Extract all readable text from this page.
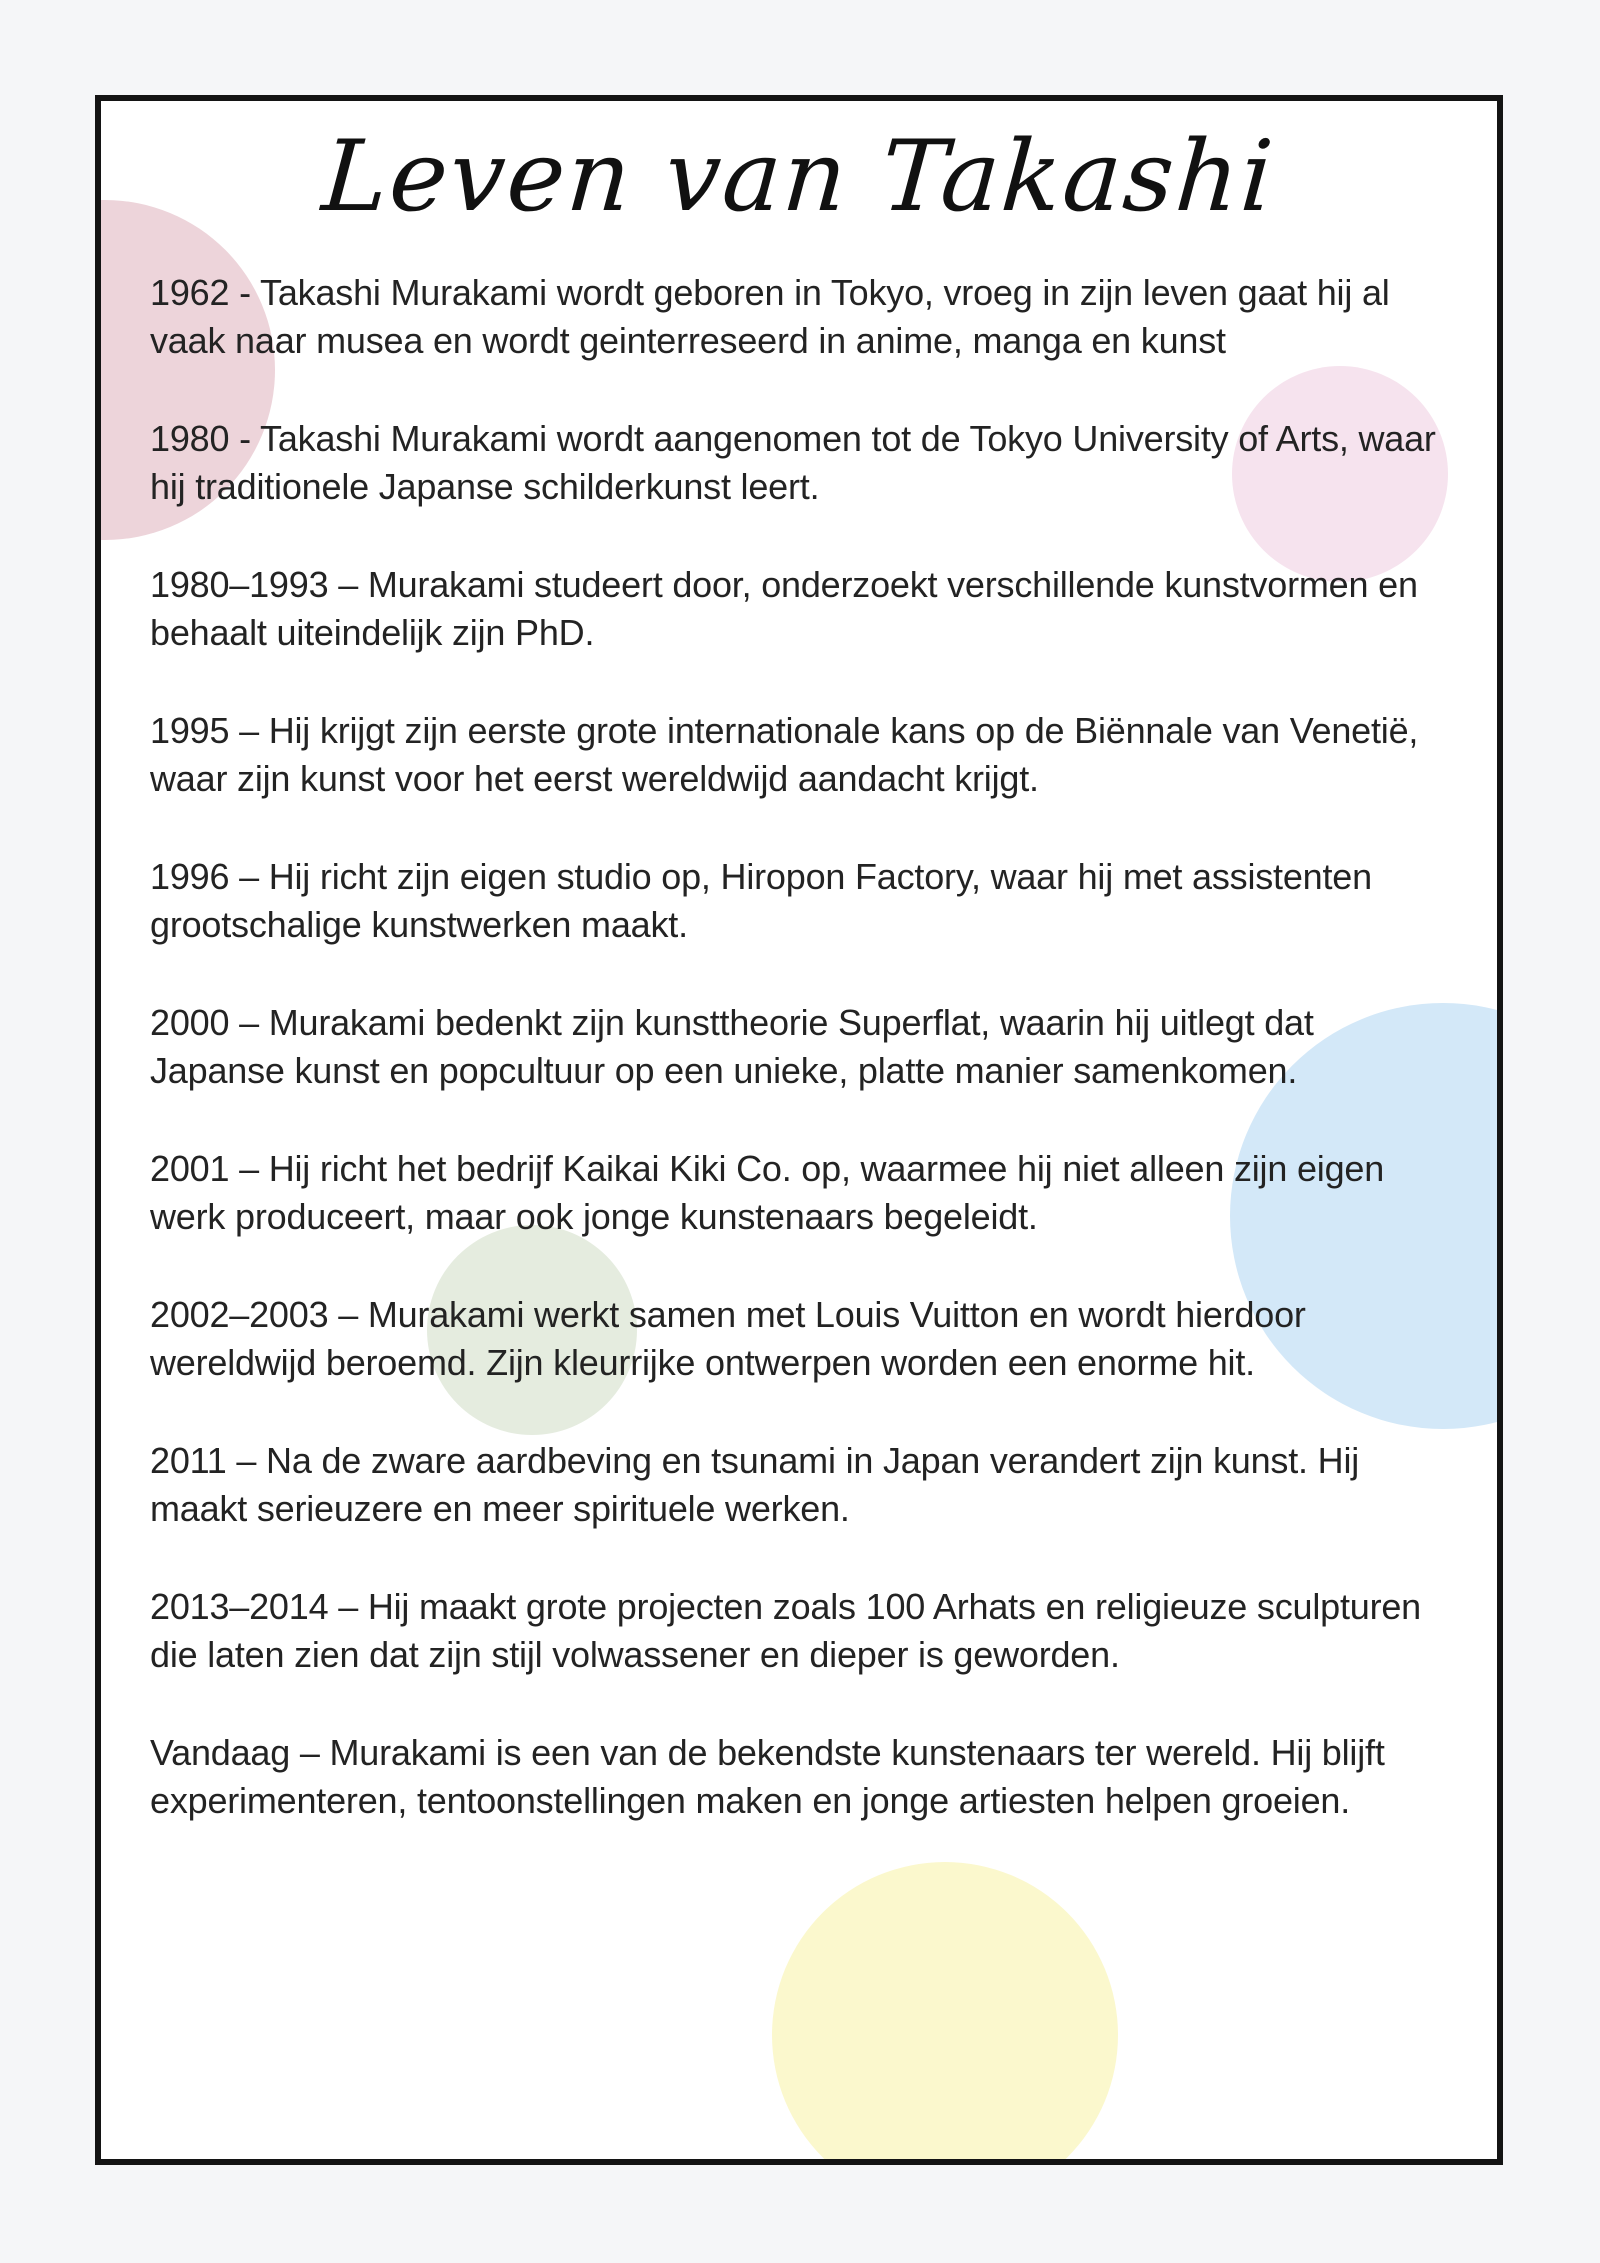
Leven van Takashi

1962 - Takashi Murakami wordt geboren in Tokyo, vroeg in zijn leven gaat hij al vaak naar musea en wordt geinterreseerd in anime, manga en kunst

1980 - Takashi Murakami wordt aangenomen tot de Tokyo University of Arts, waar hij traditionele Japanse schilderkunst leert.

1980–1993 – Murakami studeert door, onderzoekt verschillende kunstvormen en behaalt uiteindelijk zijn PhD.

1995 – Hij krijgt zijn eerste grote internationale kans op de Biënnale van Venetië, waar zijn kunst voor het eerst wereldwijd aandacht krijgt.

1996 – Hij richt zijn eigen studio op, Hiropon Factory, waar hij met assistenten grootschalige kunstwerken maakt.

2000 – Murakami bedenkt zijn kunsttheorie Superflat, waarin hij uitlegt dat Japanse kunst en popcultuur op een unieke, platte manier samenkomen.

2001 – Hij richt het bedrijf Kaikai Kiki Co. op, waarmee hij niet alleen zijn eigen werk produceert, maar ook jonge kunstenaars begeleidt.

2002–2003 – Murakami werkt samen met Louis Vuitton en wordt hierdoor wereldwijd beroemd. Zijn kleurrijke ontwerpen worden een enorme hit.

2011 – Na de zware aardbeving en tsunami in Japan verandert zijn kunst. Hij maakt serieuzere en meer spirituele werken.

2013–2014 – Hij maakt grote projecten zoals 100 Arhats en religieuze sculpturen die laten zien dat zijn stijl volwassener en dieper is geworden.

Vandaag – Murakami is een van de bekendste kunstenaars ter wereld. Hij blijft experimenteren, tentoonstellingen maken en jonge artiesten helpen groeien.
